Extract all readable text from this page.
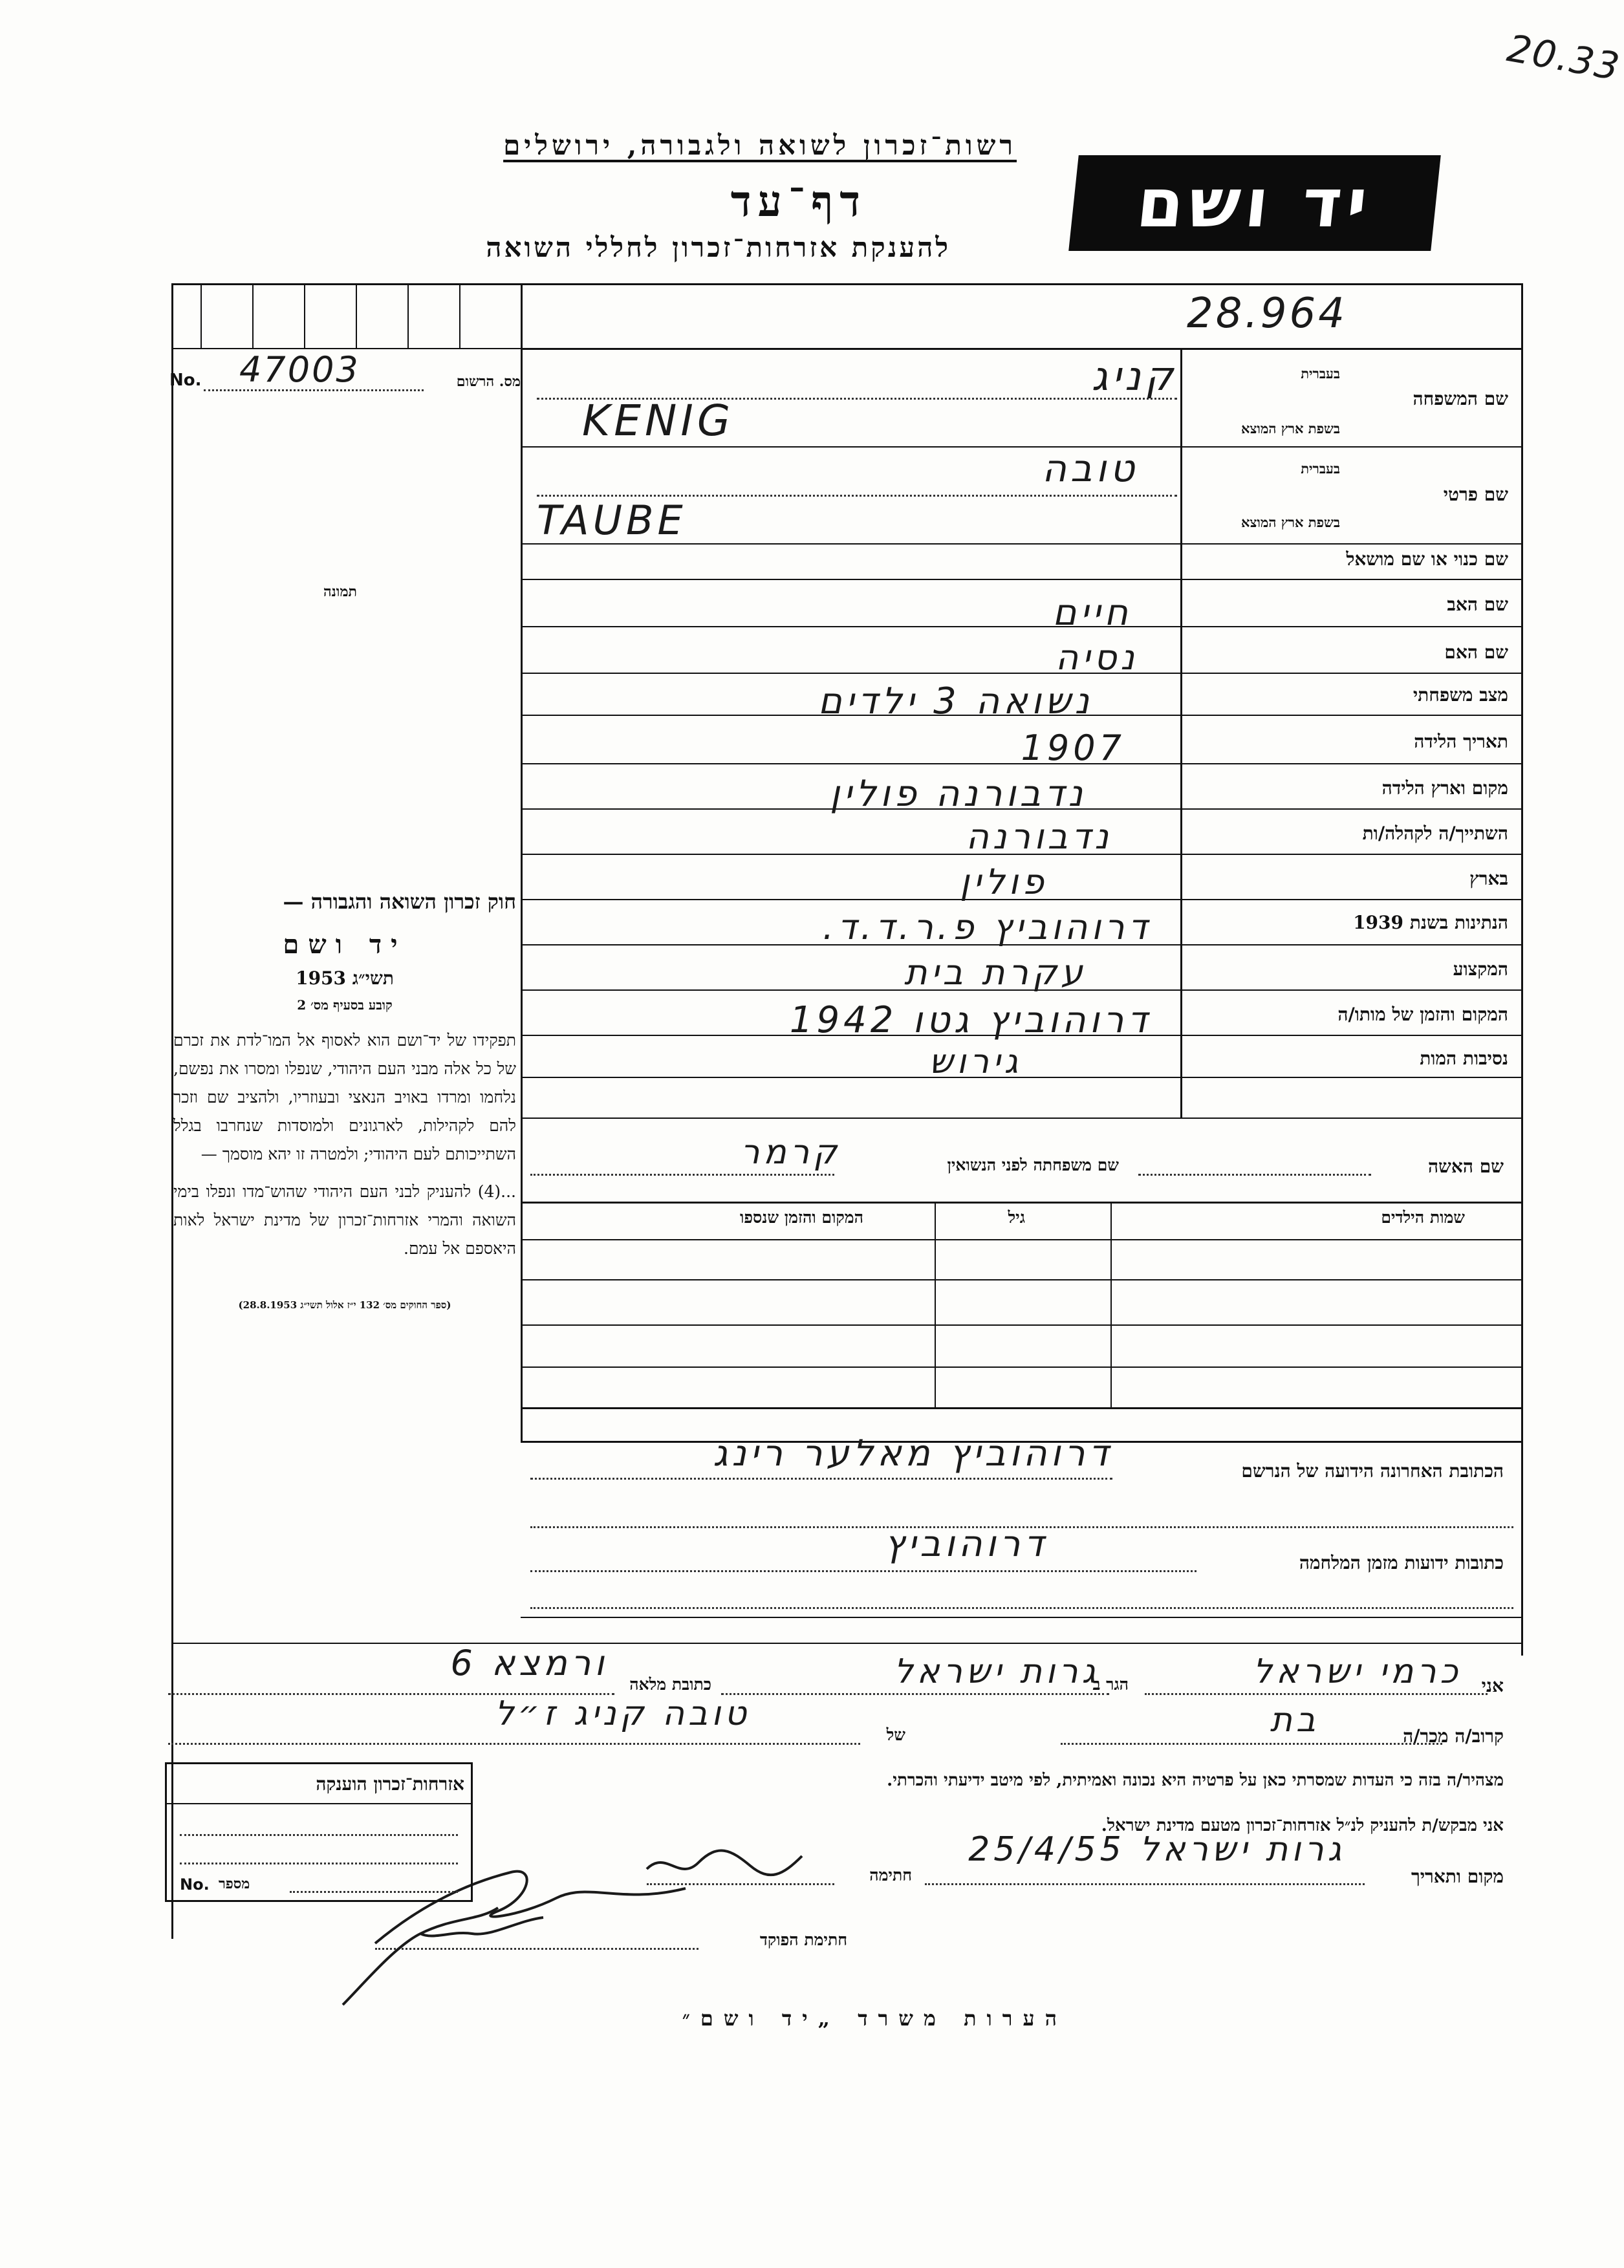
20.33
רשות־זכרון לשואה ולגבורה, ירושלים
דף־עד
להענקת אזרחות־זכרון לחללי השואה
יד ושם
28.964
No. 47003	מס. הרשום
תמונה
בעברית
שם המשפחה
בשפת ארץ המוצא
בעברית
שם פרטי
בשפת ארץ המוצא
שם כנוי או שם מושאל
שם האב
שם האם
מצב משפחתי
תאריך הלידה
מקום וארץ הלידה
השתייך/ה לקהלה/ות
בארץ
הנתינות בשנת 1939
המקצוע
המקום והזמן של מותו/ה
נסיבות המות
קניג
KENIG
טובה
TAUBE
חיים
נסיה
נשואה 3 ילדים
1907
נדבורנה פולין
נדבורנה
פולין
דרוהוביץ פ.ר.ד.ד.
עקרת בית
דרוהוביץ גטו 1942
גירוש
חוק זכרון השואה והגבורה —
יד ושם
תשי״ג 1953
קובע בסעיף מס׳ 2
תפקידו של יד־ושם הוא לאסוף אל המו־לדת את זכרם של כל אלה מבני העם היהודי, שנפלו ומסרו את נפשם, נלחמו ומרדו באויב הנאצי ובעוזריו, ולהציב שם וזכר להם לקהילות, לארגונים ולמוסדות שנחרבו בגלל השתייכותם לעם היהודי; ולמטרה זו יהא מוסמך —
...(4) להעניק לבני העם היהודי שהוש־מדו ונפלו בימי השואה והמרי אזרחות־זכרון של מדינת ישראל לאות היאספם אל עמם.
(ספר החוקים מס׳ 132 י״ז אלול תשי״ג 28.8.1953)
שם האשה
שם משפחתה לפני הנשואין
קרמר
שמות הילדים
גיל
המקום והזמן שנספו
הכתובת האחרונה הידועה של הנרשם
דרוהוביץ מאלער רינג
כתובות ידועות מזמן המלחמה
דרוהוביץ
אני
כרמי ישראל
הגר ב
גרות ישראל
כתובת מלאה
ורמצא 6
קרוב/ה מכר/ה
בת
של
טובה קניג ז״ל
מצהיר/ה בזה כי העדות שמסרתי כאן על פרטיה היא נכונה ואמיתית, לפי מיטב ידיעתי והכרתי.
אני מבקש/ת להעניק לנ״ל אזרחות־זכרון מטעם מדינת ישראל.
מקום ותאריך
גרות ישראל 25/4/55
חתימה
חתימת הפוקד
אזרחות־זכרון הוענקה
No. מספר
הערות משרד „יד ושם״
